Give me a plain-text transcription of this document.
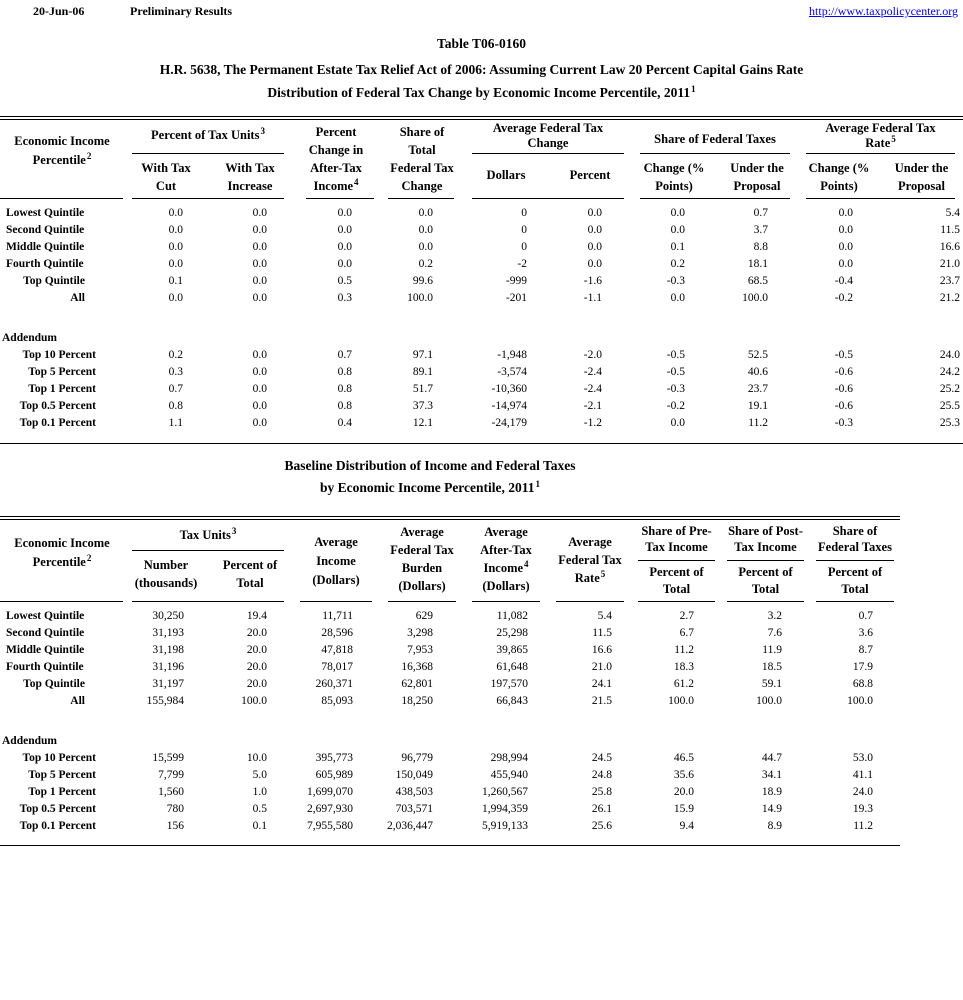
20-Jun-06	Preliminary Results	http://www.taxpolicycenter.org
Table T06-0160
H.R. 5638, The Permanent Estate Tax Relief Act of 2006: Assuming Current Law 20 Percent Capital Gains Rate
Distribution of Federal Tax Change by Economic Income Percentile, 2011$^1$
Economic Income
Percentile$^2$
Percent of Tax Units$^3$
With Tax
Cut
With Tax
Increase
Percent
Change in
After-Tax
Income$^4$
Share of
Total
Federal Tax
Change
Average Federal Tax
Change
Dollars	Percent
Share of Federal Taxes
Change (%
Points)
Under the
Proposal
Average Federal Tax
Rate$^5$
Change (%
Points)
Under the
Proposal
Lowest Quintile	0.0	0.0	0.0	0.0	0	0.0	0.0	0.7	0.0	5.4
Second Quintile	0.0	0.0	0.0	0.0	0	0.0	0.0	3.7	0.0	11.5
Middle Quintile	0.0	0.0	0.0	0.0	0	0.0	0.1	8.8	0.0	16.6
Fourth Quintile	0.0	0.0	0.0	0.2	-2	0.0	0.2	18.1	0.0	21.0
Top Quintile	0.1	0.0	0.5	99.6	-999	-1.6	-0.3	68.5	-0.4	23.7
All	0.0	0.0	0.3	100.0	-201	-1.1	0.0	100.0	-0.2	21.2

Addendum										
Top 10 Percent	0.2	0.0	0.7	97.1	-1,948	-2.0	-0.5	52.5	-0.5	24.0
Top 5 Percent	0.3	0.0	0.8	89.1	-3,574	-2.4	-0.5	40.6	-0.6	24.2
Top 1 Percent	0.7	0.0	0.8	51.7	-10,360	-2.4	-0.3	23.7	-0.6	25.2
Top 0.5 Percent	0.8	0.0	0.8	37.3	-14,974	-2.1	-0.2	19.1	-0.6	25.5
Top 0.1 Percent	1.1	0.0	0.4	12.1	-24,179	-1.2	0.0	11.2	-0.3	25.3
Baseline Distribution of Income and Federal Taxes
by Economic Income Percentile, 2011$^1$
Economic Income
Percentile$^2$
Tax Units$^3$
Number
(thousands)
Percent of
Total
Average
Income
(Dollars)
Average
Federal Tax
Burden
(Dollars)
Average
After-Tax
Income$^4$
(Dollars)
Average
Federal Tax
Rate$^5$
Share of Pre-
Tax Income
Percent of
Total
Share of Post-
Tax Income
Percent of
Total
Share of
Federal Taxes
Percent of
Total
Lowest Quintile	30,250	19.4	11,711	629	11,082	5.4	2.7	3.2	0.7
Second Quintile	31,193	20.0	28,596	3,298	25,298	11.5	6.7	7.6	3.6
Middle Quintile	31,198	20.0	47,818	7,953	39,865	16.6	11.2	11.9	8.7
Fourth Quintile	31,196	20.0	78,017	16,368	61,648	21.0	18.3	18.5	17.9
Top Quintile	31,197	20.0	260,371	62,801	197,570	24.1	61.2	59.1	68.8
All	155,984	100.0	85,093	18,250	66,843	21.5	100.0	100.0	100.0

Addendum									
Top 10 Percent	15,599	10.0	395,773	96,779	298,994	24.5	46.5	44.7	53.0
Top 5 Percent	7,799	5.0	605,989	150,049	455,940	24.8	35.6	34.1	41.1
Top 1 Percent	1,560	1.0	1,699,070	438,503	1,260,567	25.8	20.0	18.9	24.0
Top 0.5 Percent	780	0.5	2,697,930	703,571	1,994,359	26.1	15.9	14.9	19.3
Top 0.1 Percent	156	0.1	7,955,580	2,036,447	5,919,133	25.6	9.4	8.9	11.2
